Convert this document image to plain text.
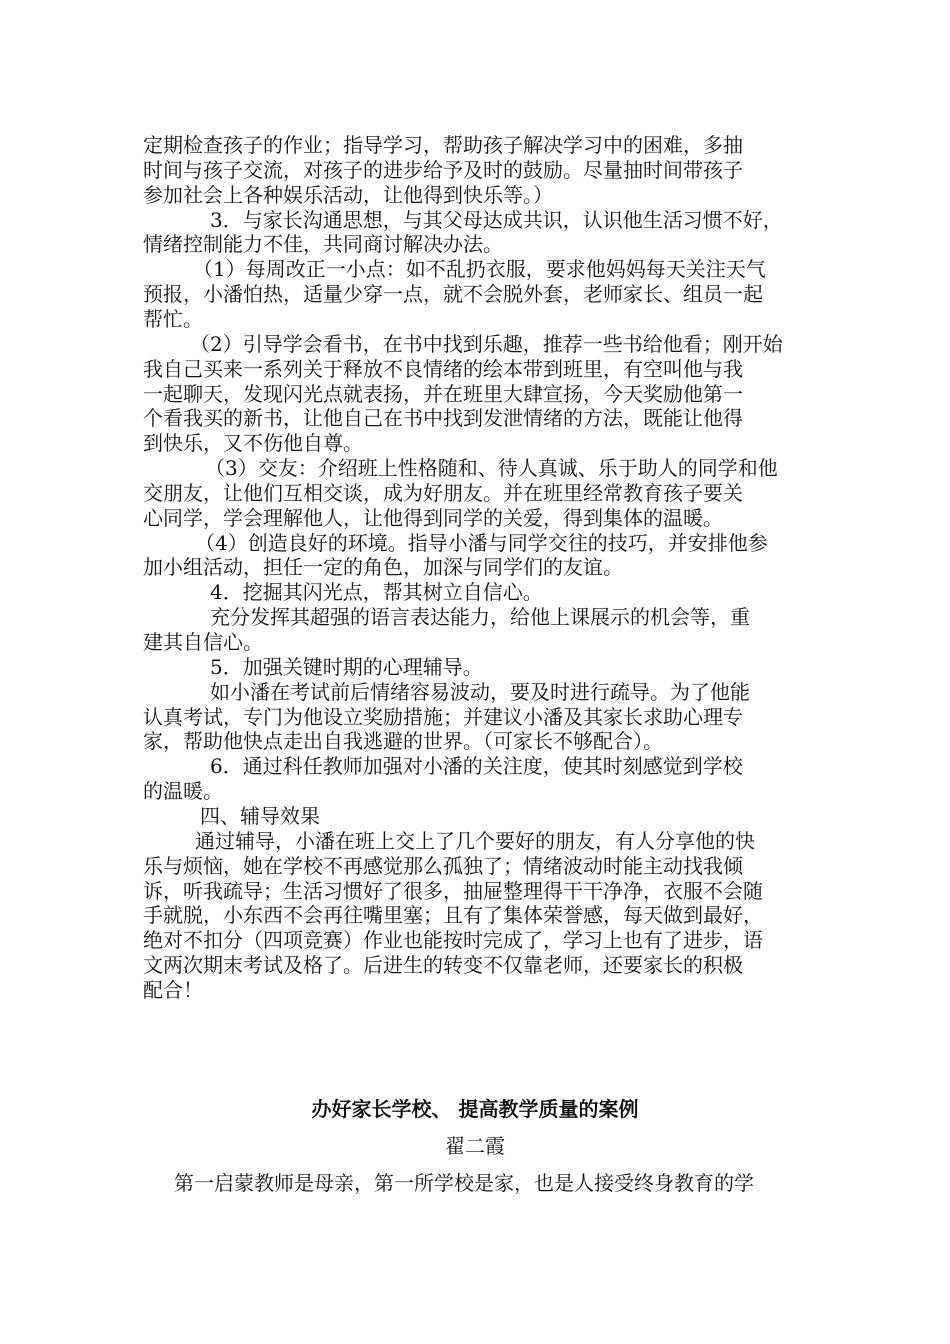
定期检查孩子的作业；指导学习，帮助孩子解决学习中的困难，多抽
时间与孩子交流，对孩子的进步给予及时的鼓励。尽量抽时间带孩子
参加社会上各种娱乐活动，让他得到快乐等。）
3．与家长沟通思想，与其父母达成共识，认识他生活习惯不好，
情绪控制能力不佳，共同商讨解决办法。
（1）每周改正一小点：如不乱扔衣服，要求他妈妈每天关注天气
预报，小潘怕热，适量少穿一点，就不会脱外套，老师家长、组员一起
帮忙。
（2）引导学会看书，在书中找到乐趣，推荐一些书给他看；刚开始
我自己买来一系列关于释放不良情绪的绘本带到班里，有空叫他与我
一起聊天，发现闪光点就表扬，并在班里大肆宣扬，今天奖励他第一
个看我买的新书，让他自己在书中找到发泄情绪的方法，既能让他得
到快乐，又不伤他自尊。
（3）交友：介绍班上性格随和、待人真诚、乐于助人的同学和他
交朋友，让他们互相交谈，成为好朋友。并在班里经常教育孩子要关
心同学，学会理解他人，让他得到同学的关爱，得到集体的温暖。
（4）创造良好的环境。指导小潘与同学交往的技巧，并安排他参
加小组活动，担任一定的角色，加深与同学们的友谊。
4．挖掘其闪光点，帮其树立自信心。
充分发挥其超强的语言表达能力，给他上课展示的机会等，重
建其自信心。
5．加强关键时期的心理辅导。
如小潘在考试前后情绪容易波动，要及时进行疏导。为了他能
认真考试，专门为他设立奖励措施；并建议小潘及其家长求助心理专
家，帮助他快点走出自我逃避的世界。（可家长不够配合）。
6．通过科任教师加强对小潘的关注度，使其时刻感觉到学校
的温暖。
四、辅导效果
通过辅导，小潘在班上交上了几个要好的朋友，有人分享他的快
乐与烦恼，她在学校不再感觉那么孤独了；情绪波动时能主动找我倾
诉，听我疏导；生活习惯好了很多，抽屉整理得干干净净，衣服不会随
手就脱，小东西不会再往嘴里塞；且有了集体荣誉感，每天做到最好，
绝对不扣分（四项竞赛）作业也能按时完成了，学习上也有了进步，语
文两次期末考试及格了。后进生的转变不仅靠老师，还要家长的积极
配合！
办好家长学校、 提高教学质量的案例
翟二霞
第一启蒙教师是母亲，第一所学校是家，也是人接受终身教育的学
